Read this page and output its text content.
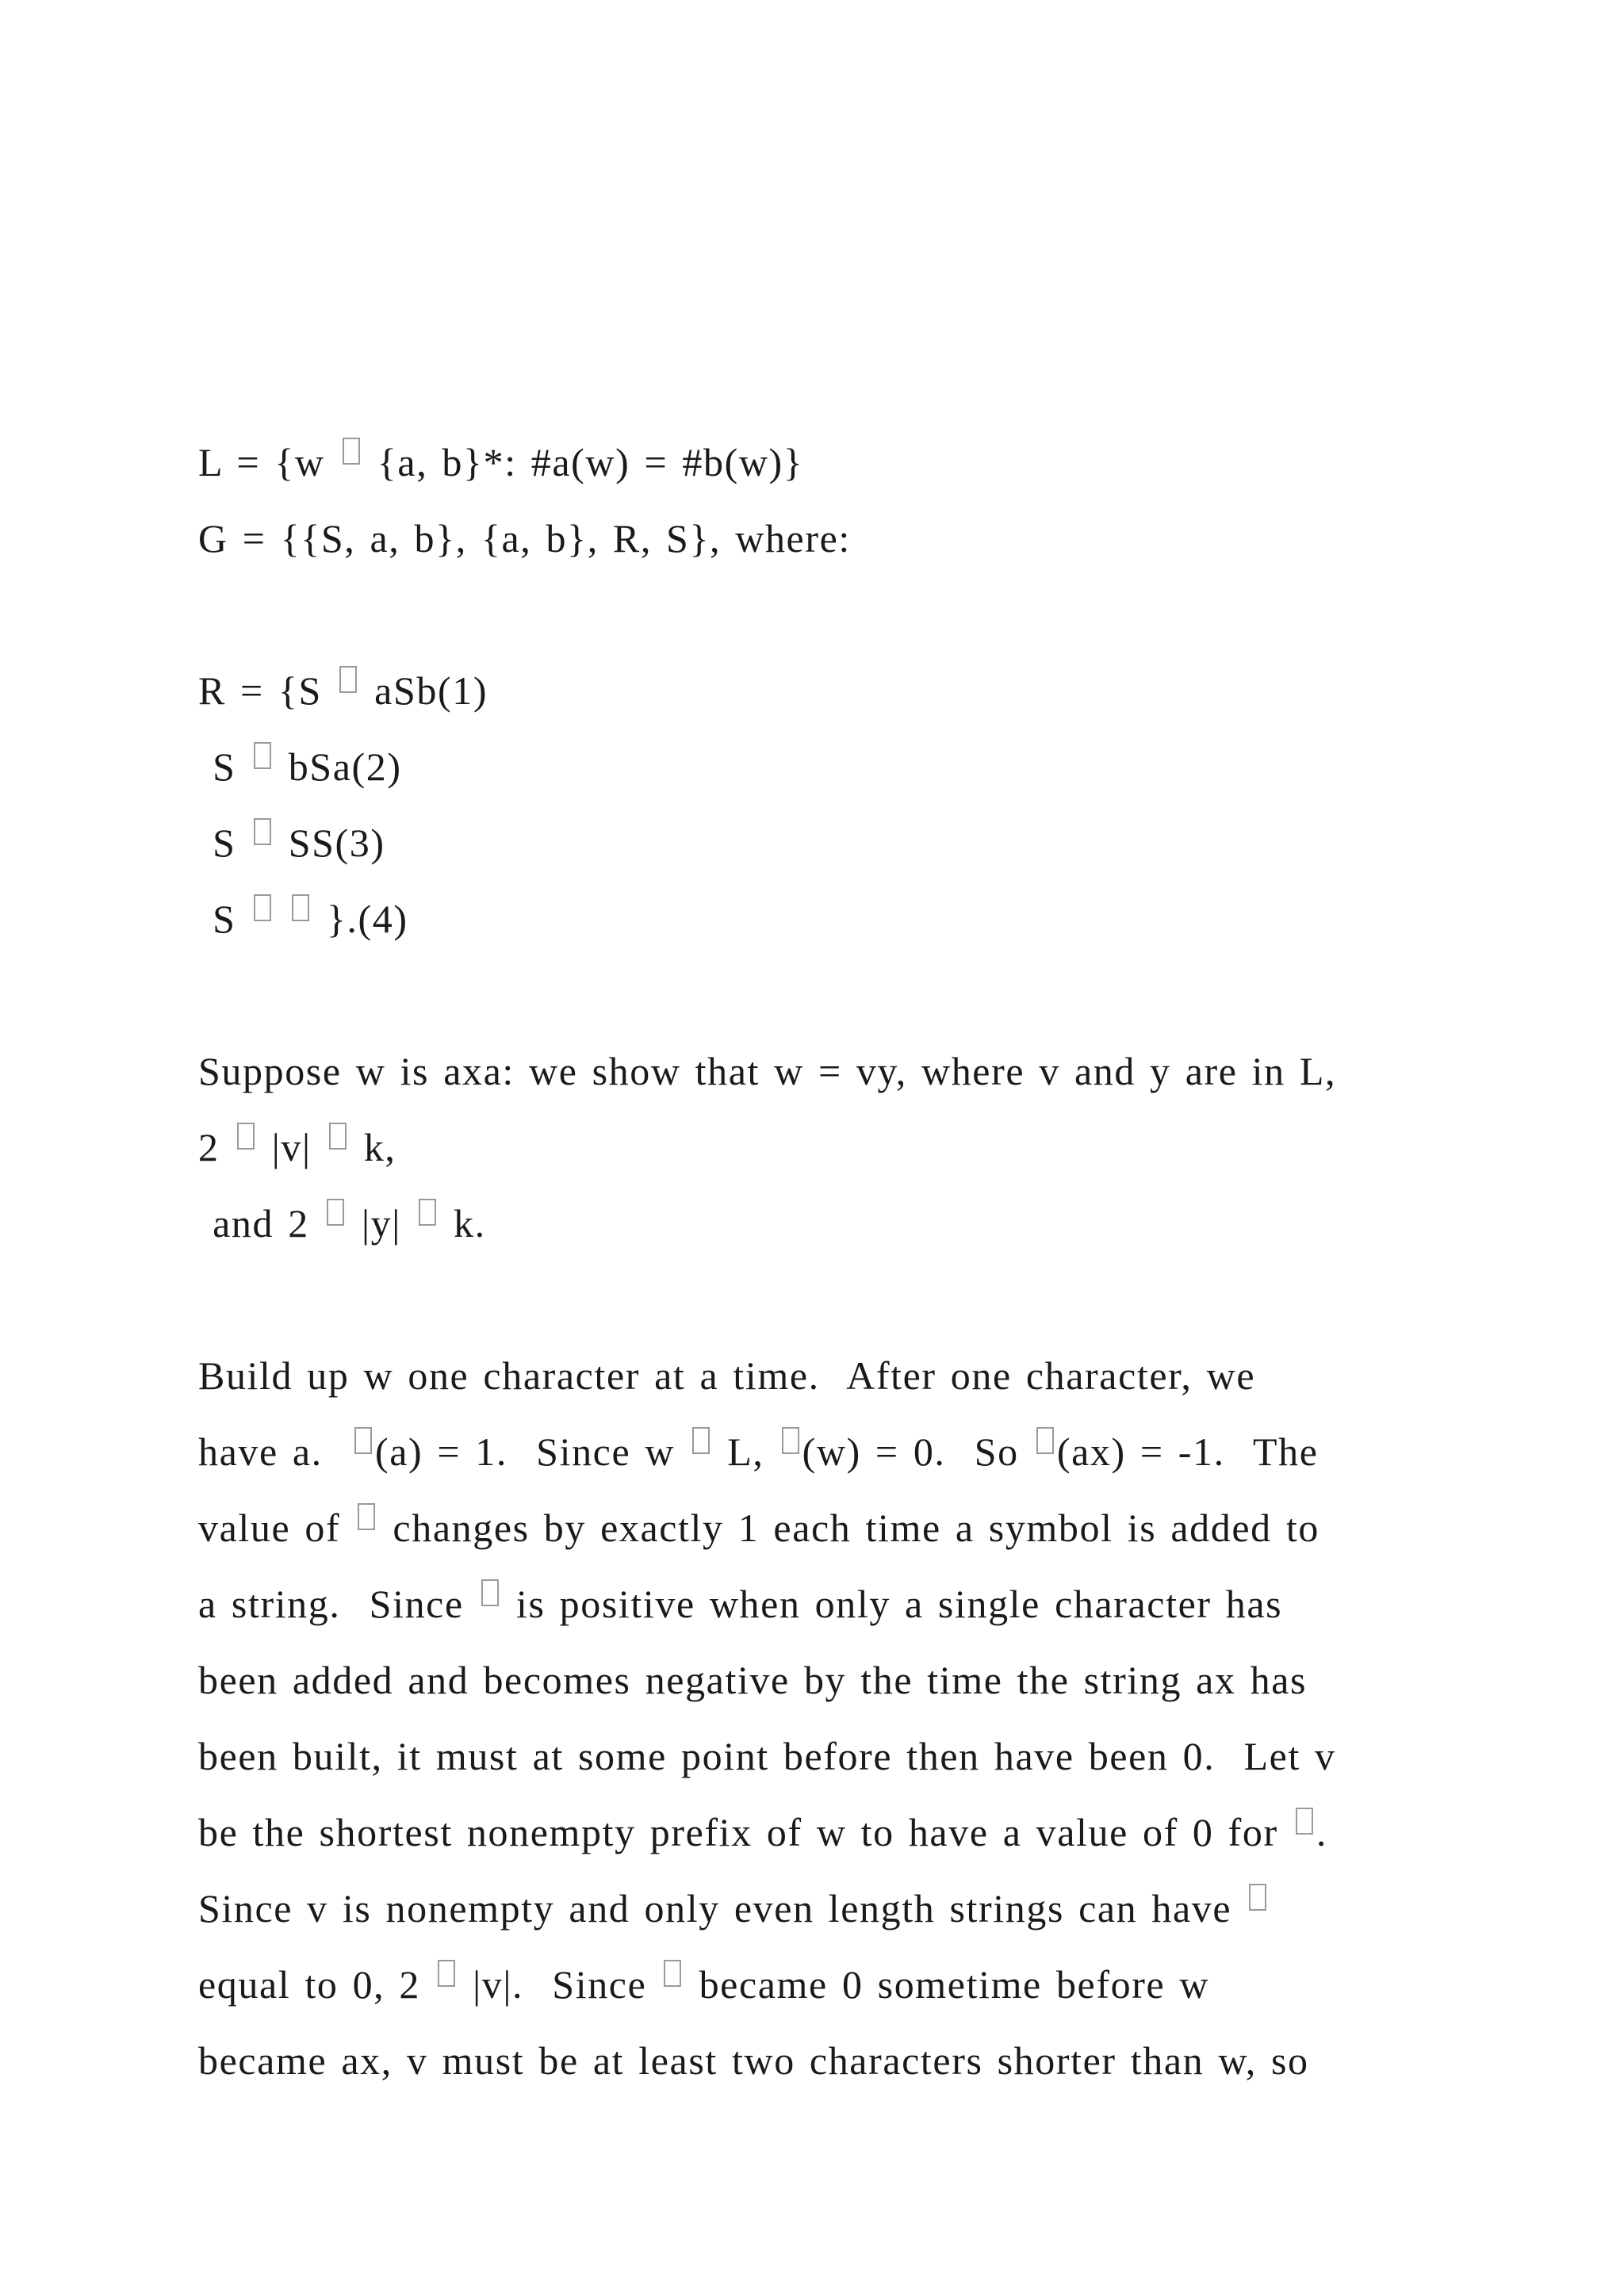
L = {w  {a, b}*: #a(w) = #b(w)}
G = {{S, a, b}, {a, b}, R, S}, where:
R = {S  aSb(1)
S  bSa(2)
S  SS(3)
S   }.(4)
Suppose w is axa: we show that w = vy, where v and y are in L,
2  |v|  k,
and 2  |y|  k.
Build up w one character at a time.  After one character, we
have a.  (a) = 1.  Since w  L, (w) = 0.  So (ax) = -1.  The
value of  changes by exactly 1 each time a symbol is added to
a string.  Since  is positive when only a single character has
been added and becomes negative by the time the string ax has
been built, it must at some point before then have been 0.  Let v
be the shortest nonempty prefix of w to have a value of 0 for .
Since v is nonempty and only even length strings can have
equal to 0, 2  |v|.  Since  became 0 sometime before w
became ax, v must be at least two characters shorter than w, so
